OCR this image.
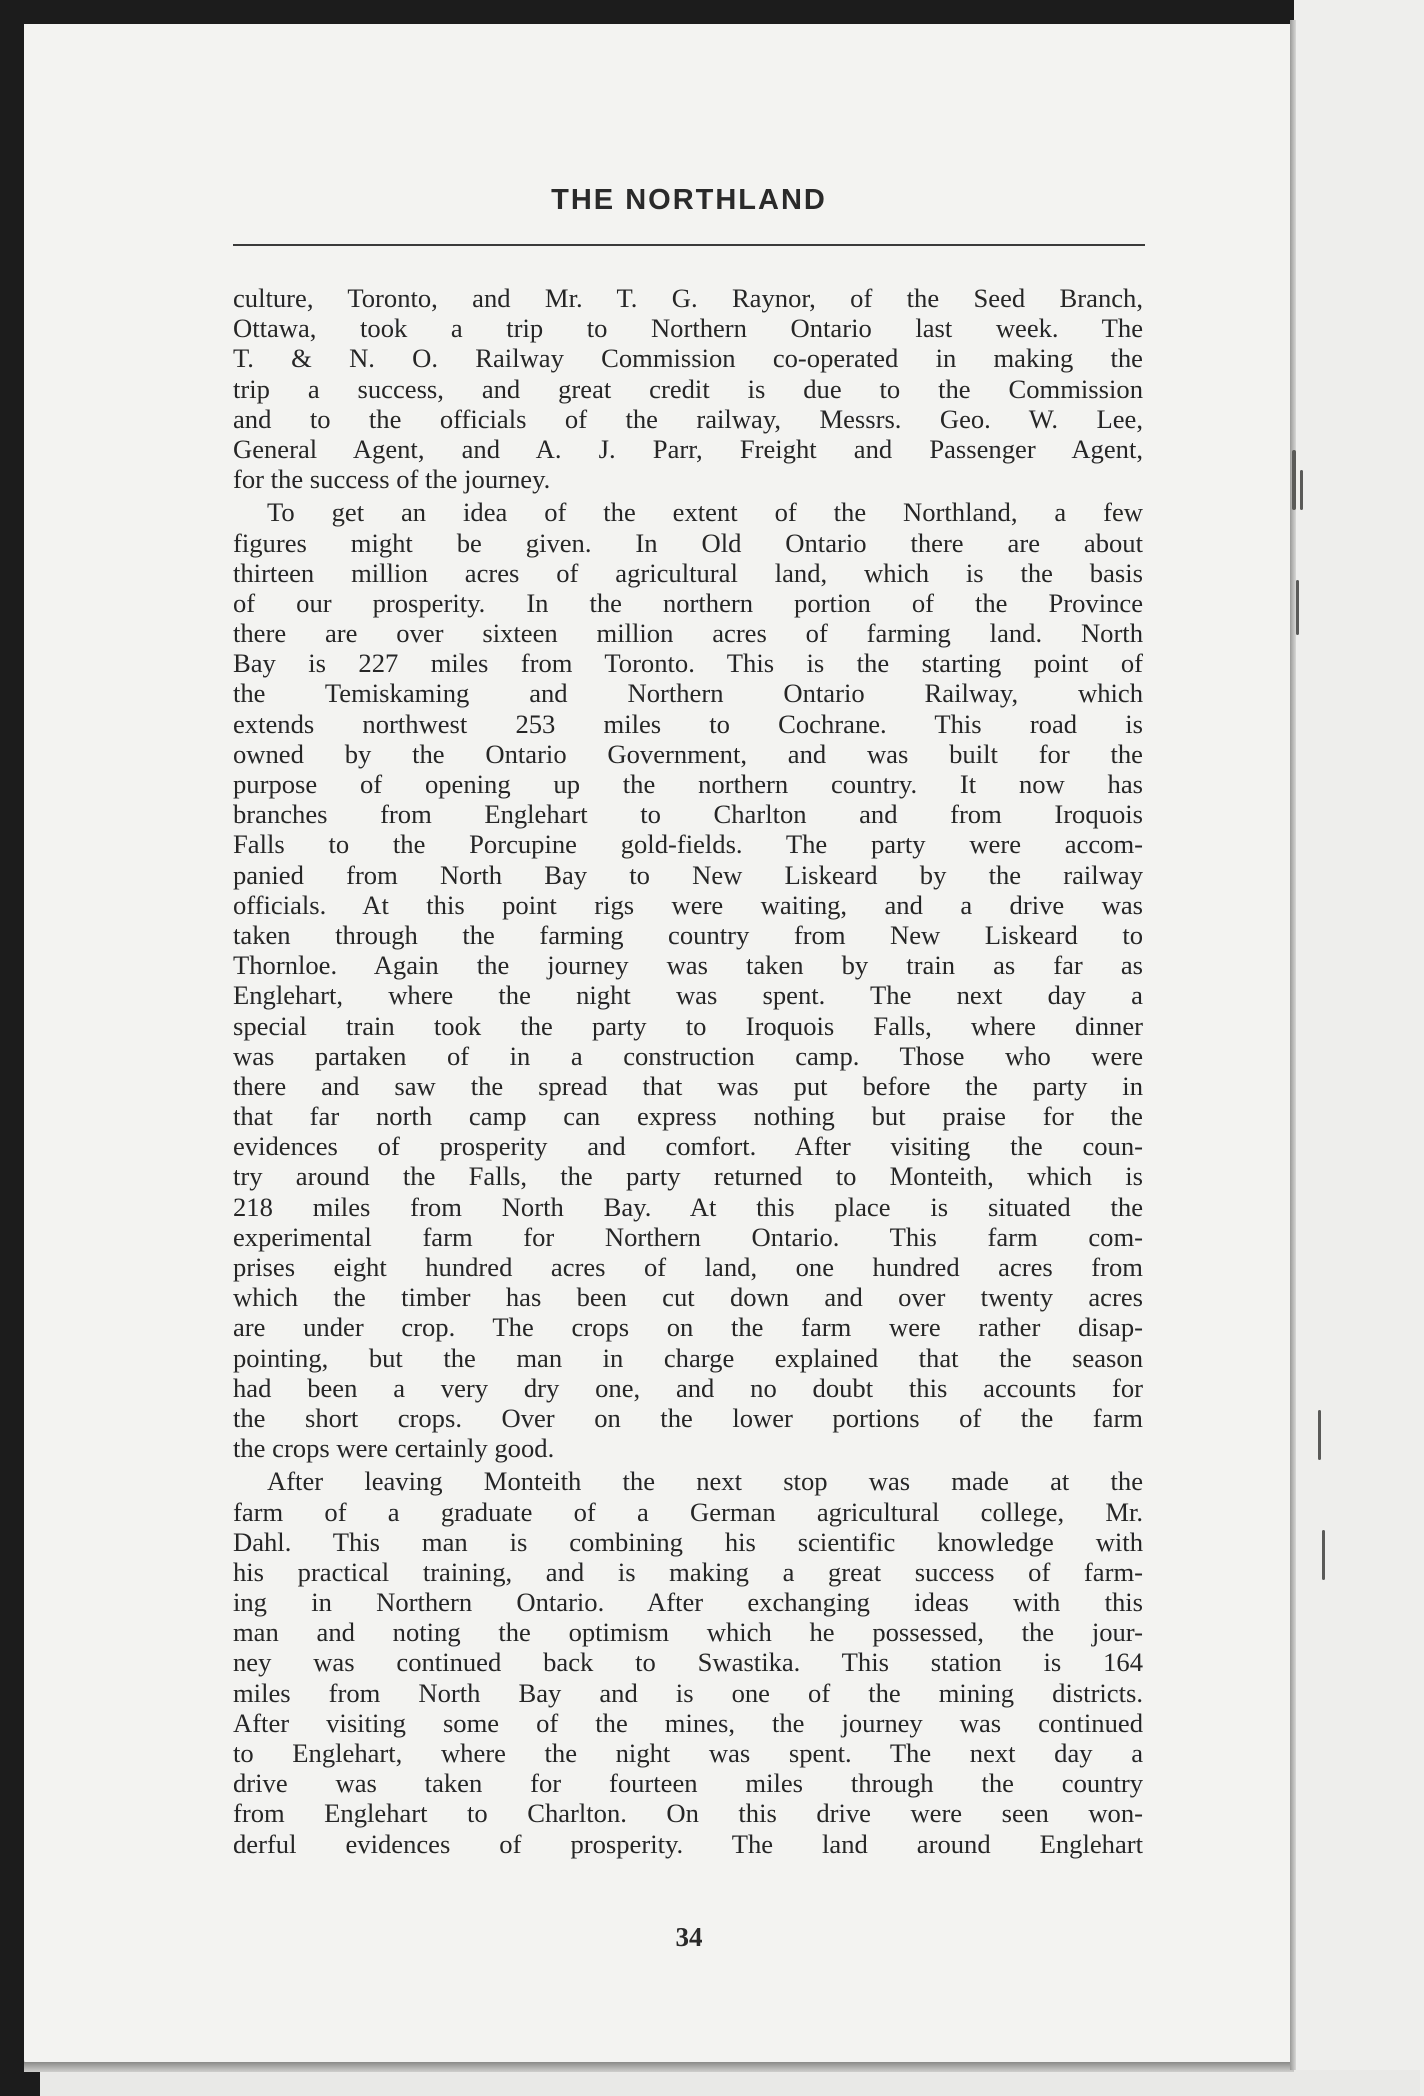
THE NORTHLAND
culture, Toronto, and Mr. T. G. Raynor, of the Seed Branch,
Ottawa, took a trip to Northern Ontario last week. The
T. & N. O. Railway Commission co-operated in making the
trip a success, and great credit is due to the Commission
and to the officials of the railway, Messrs. Geo. W. Lee,
General Agent, and A. J. Parr, Freight and Passenger Agent,
for the success of the journey.
To get an idea of the extent of the Northland, a few
figures might be given. In Old Ontario there are about
thirteen million acres of agricultural land, which is the basis
of our prosperity. In the northern portion of the Province
there are over sixteen million acres of farming land. North
Bay is 227 miles from Toronto. This is the starting point of
the Temiskaming and Northern Ontario Railway, which
extends northwest 253 miles to Cochrane. This road is
owned by the Ontario Government, and was built for the
purpose of opening up the northern country. It now has
branches from Englehart to Charlton and from Iroquois
Falls to the Porcupine gold-fields. The party were accom-
panied from North Bay to New Liskeard by the railway
officials. At this point rigs were waiting, and a drive was
taken through the farming country from New Liskeard to
Thornloe. Again the journey was taken by train as far as
Englehart, where the night was spent. The next day a
special train took the party to Iroquois Falls, where dinner
was partaken of in a construction camp. Those who were
there and saw the spread that was put before the party in
that far north camp can express nothing but praise for the
evidences of prosperity and comfort. After visiting the coun-
try around the Falls, the party returned to Monteith, which is
218 miles from North Bay. At this place is situated the
experimental farm for Northern Ontario. This farm com-
prises eight hundred acres of land, one hundred acres from
which the timber has been cut down and over twenty acres
are under crop. The crops on the farm were rather disap-
pointing, but the man in charge explained that the season
had been a very dry one, and no doubt this accounts for
the short crops. Over on the lower portions of the farm
the crops were certainly good.
After leaving Monteith the next stop was made at the
farm of a graduate of a German agricultural college, Mr.
Dahl. This man is combining his scientific knowledge with
his practical training, and is making a great success of farm-
ing in Northern Ontario. After exchanging ideas with this
man and noting the optimism which he possessed, the jour-
ney was continued back to Swastika. This station is 164
miles from North Bay and is one of the mining districts.
After visiting some of the mines, the journey was continued
to Englehart, where the night was spent. The next day a
drive was taken for fourteen miles through the country
from Englehart to Charlton. On this drive were seen won-
derful evidences of prosperity. The land around Englehart
34
